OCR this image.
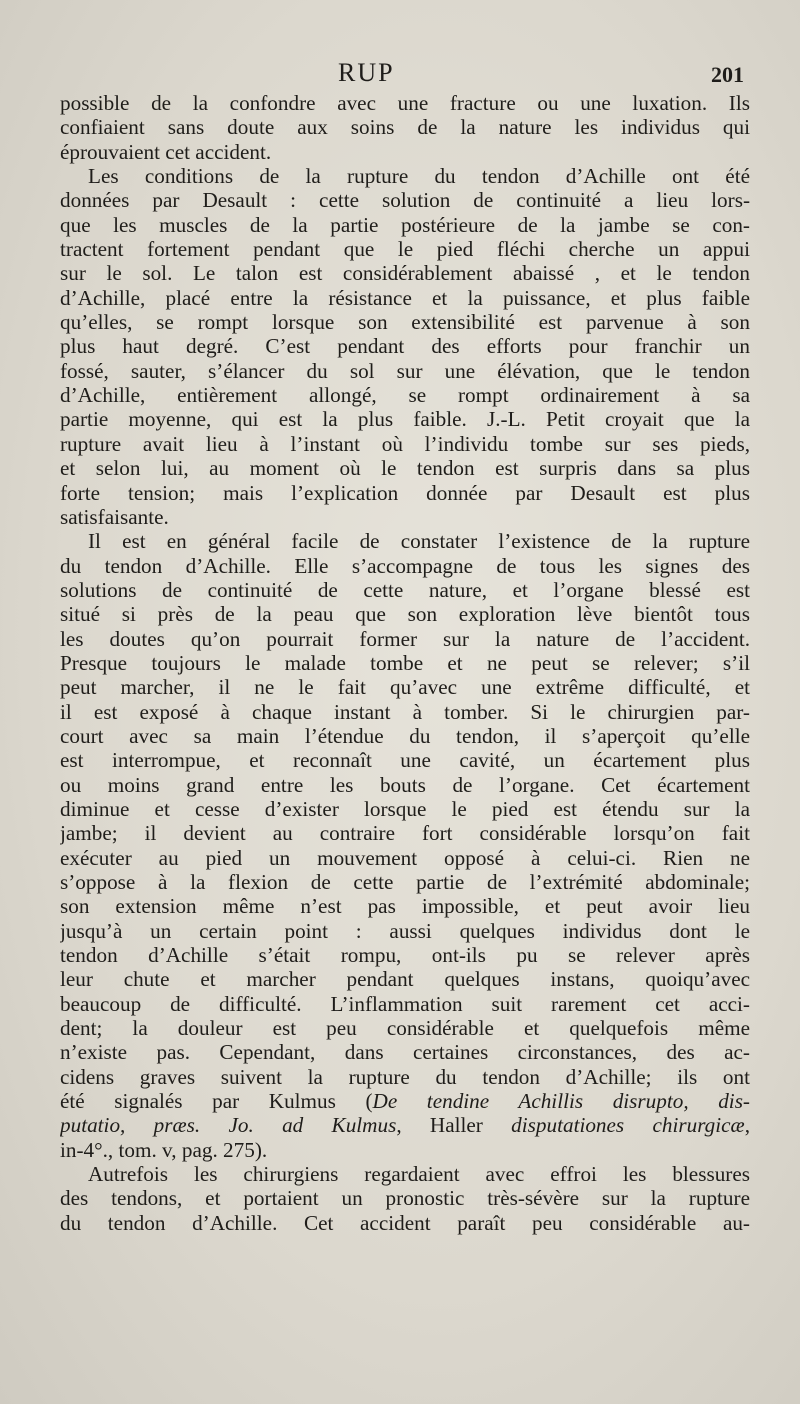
RUP	201
possible de la confondre avec une fracture ou une luxation. Ils
confiaient sans doute aux soins de la nature les individus qui
éprouvaient cet accident.
Les conditions de la rupture du tendon d’Achille ont été
données par Desault : cette solution de continuité a lieu lors-
que les muscles de la partie postérieure de la jambe se con-
tractent fortement pendant que le pied fléchi cherche un appui
sur le sol. Le talon est considérablement abaissé , et le tendon
d’Achille, placé entre la résistance et la puissance, et plus faible
qu’elles, se rompt lorsque son extensibilité est parvenue à son
plus haut degré. C’est pendant des efforts pour franchir un
fossé, sauter, s’élancer du sol sur une élévation, que le tendon
d’Achille, entièrement allongé, se rompt ordinairement à sa
partie moyenne, qui est la plus faible. J.-L. Petit croyait que la
rupture avait lieu à l’instant où l’individu tombe sur ses pieds,
et selon lui, au moment où le tendon est surpris dans sa plus
forte tension; mais l’explication donnée par Desault est plus
satisfaisante.
Il est en général facile de constater l’existence de la rupture
du tendon d’Achille. Elle s’accompagne de tous les signes des
solutions de continuité de cette nature, et l’organe blessé est
situé si près de la peau que son exploration lève bientôt tous
les doutes qu’on pourrait former sur la nature de l’accident.
Presque toujours le malade tombe et ne peut se relever; s’il
peut marcher, il ne le fait qu’avec une extrême difficulté, et
il est exposé à chaque instant à tomber. Si le chirurgien par-
court avec sa main l’étendue du tendon, il s’aperçoit qu’elle
est interrompue, et reconnaît une cavité, un écartement plus
ou moins grand entre les bouts de l’organe. Cet écartement
diminue et cesse d’exister lorsque le pied est étendu sur la
jambe; il devient au contraire fort considérable lorsqu’on fait
exécuter au pied un mouvement opposé à celui-ci. Rien ne
s’oppose à la flexion de cette partie de l’extrémité abdominale;
son extension même n’est pas impossible, et peut avoir lieu
jusqu’à un certain point : aussi quelques individus dont le
tendon d’Achille s’était rompu, ont-ils pu se relever après
leur chute et marcher pendant quelques instans, quoiqu’avec
beaucoup de difficulté. L’inflammation suit rarement cet acci-
dent; la douleur est peu considérable et quelquefois même
n’existe pas. Cependant, dans certaines circonstances, des ac-
cidens graves suivent la rupture du tendon d’Achille; ils ont
été signalés par Kulmus (De tendine Achillis disrupto, dis-
putatio, præs. Jo. ad Kulmus, Haller disputationes chirurgicæ,
in-4°., tom. v, pag. 275).
Autrefois les chirurgiens regardaient avec effroi les blessures
des tendons, et portaient un pronostic très-sévère sur la rupture
du tendon d’Achille. Cet accident paraît peu considérable au-
